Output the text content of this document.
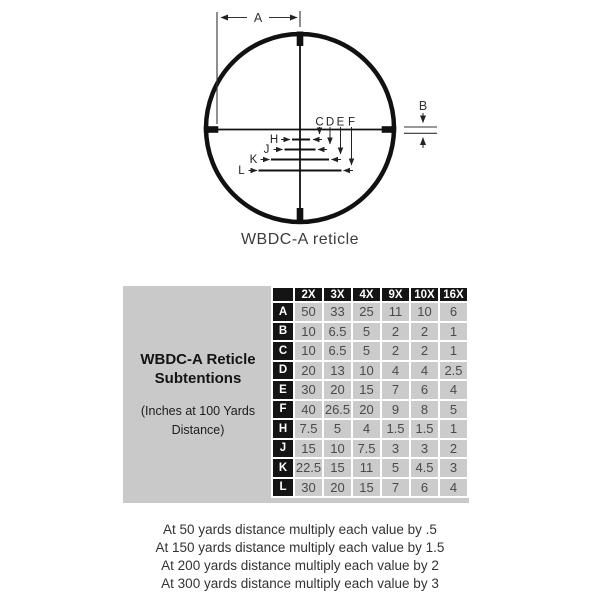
A
B
C D E F
H
J
K
L
WBDC-A reticle
WBDC-A Reticle
Subtentions
(Inches at 100 Yards
Distance)
	2X	3X	4X	9X	10X	16X
A	50	33	25	11	10	6
B	10	6.5	5	2	2	1
C	10	6.5	5	2	2	1
D	20	13	10	4	4	2.5
E	30	20	15	7	6	4
F	40	26.5	20	9	8	5
H	7.5	5	4	1.5	1.5	1
J	15	10	7.5	3	3	2
K	22.5	15	11	5	4.5	3
L	30	20	15	7	6	4
At 50 yards distance multiply each value by .5
At 150 yards distance multiply each value by 1.5
At 200 yards distance multiply each value by 2
At 300 yards distance multiply each value by 3
